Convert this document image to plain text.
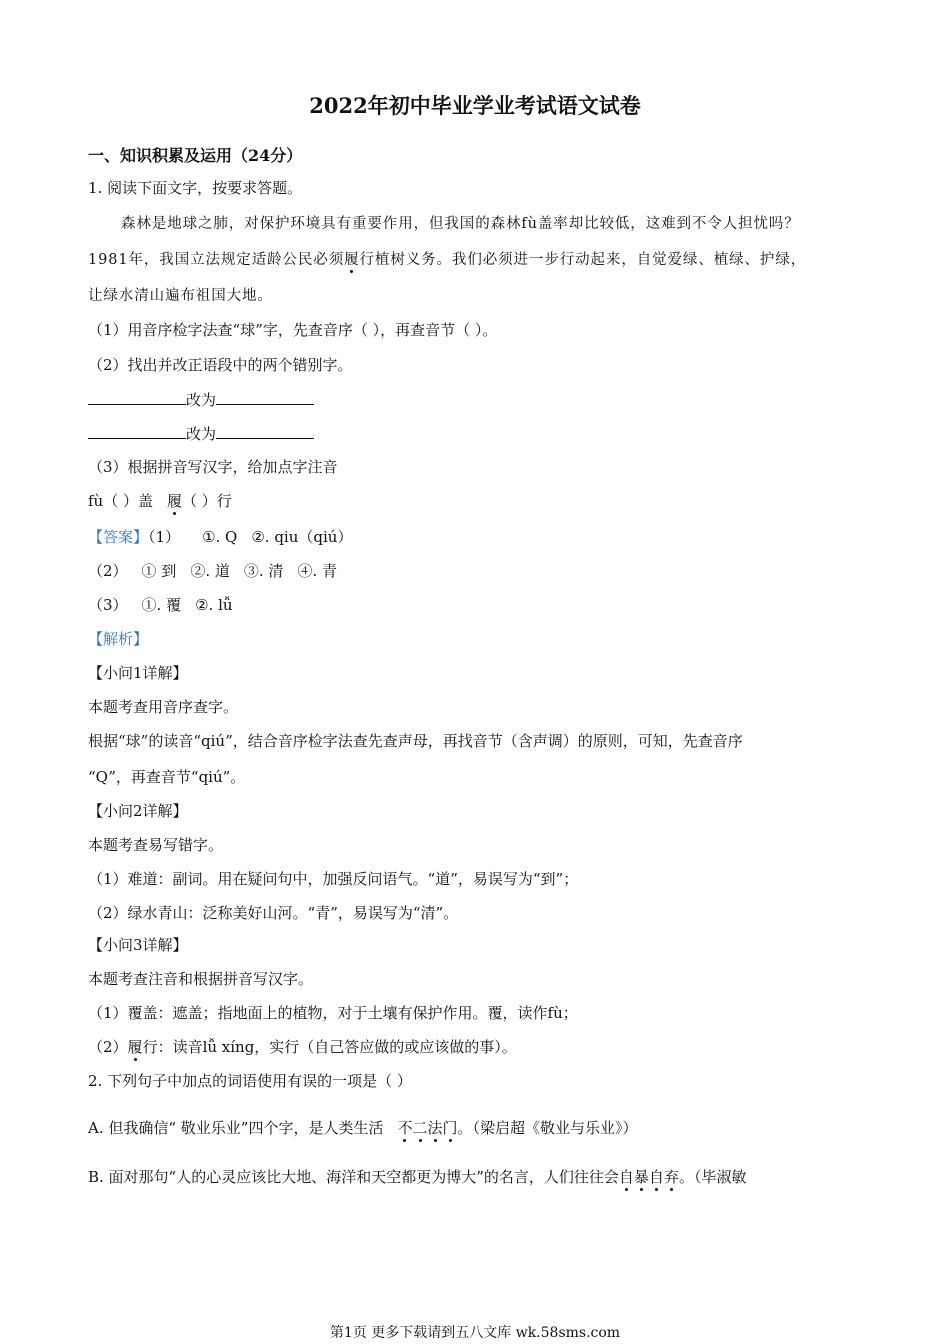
2022年初中毕业学业考试语文试卷
一、知识积累及运用（24分）
1. 阅读下面文字，按要求答题。
森林是地球之肺，对保护环境具有重要作用，但我国的森林fù盖率却比较低，这难到不令人担忧吗？
1981年，我国立法规定适龄公民必须履行植树义务。我们必须进一步行动起来，自觉爱绿、植绿、护绿，
让绿水清山遍布祖国大地。
（1）用音序检字法查“球”字，先查音序（ ），再查音节（ ）。
（2）找出并改正语段中的两个错别字。
改为
改为
（3）根据拼音写汉字，给加点字注音
fù（ ）盖 履（ ）行
【答案】（1） ①. Q ②. qiu（qiú）
（2） ① 到 ②. 道 ③. 清 ④. 青
（3） ①. 覆 ②. lǚ
【解析】
【小问1详解】
本题考查用音序查字。
根据“球”的读音“qiú”，结合音序检字法查先查声母，再找音节（含声调）的原则，可知，先查音序
“Q”，再查音节“qiú”。
【小问2详解】
本题考查易写错字。
（1）难道：副词。用在疑问句中，加强反问语气。“道”，易误写为“到”；
（2）绿水青山：泛称美好山河。“青”，易误写为“清”。
【小问3详解】
本题考查注音和根据拼音写汉字。
（1）覆盖：遮盖；指地面上的植物，对于土壤有保护作用。覆，读作fù；
（2）履行：读音lǚ xíng，实行（自己答应做的或应该做的事）。
2. 下列句子中加点的词语使用有误的一项是（ ）
A. 但我确信“ 敬业乐业”四个字，是人类生活 不二法门。（梁启超《敬业与乐业》）
B. 面对那句“人的心灵应该比大地、海洋和天空都更为博大”的名言，人们往往会自暴自弃。（毕淑敏
第1页 更多下载请到五八文库 wk.58sms.com
